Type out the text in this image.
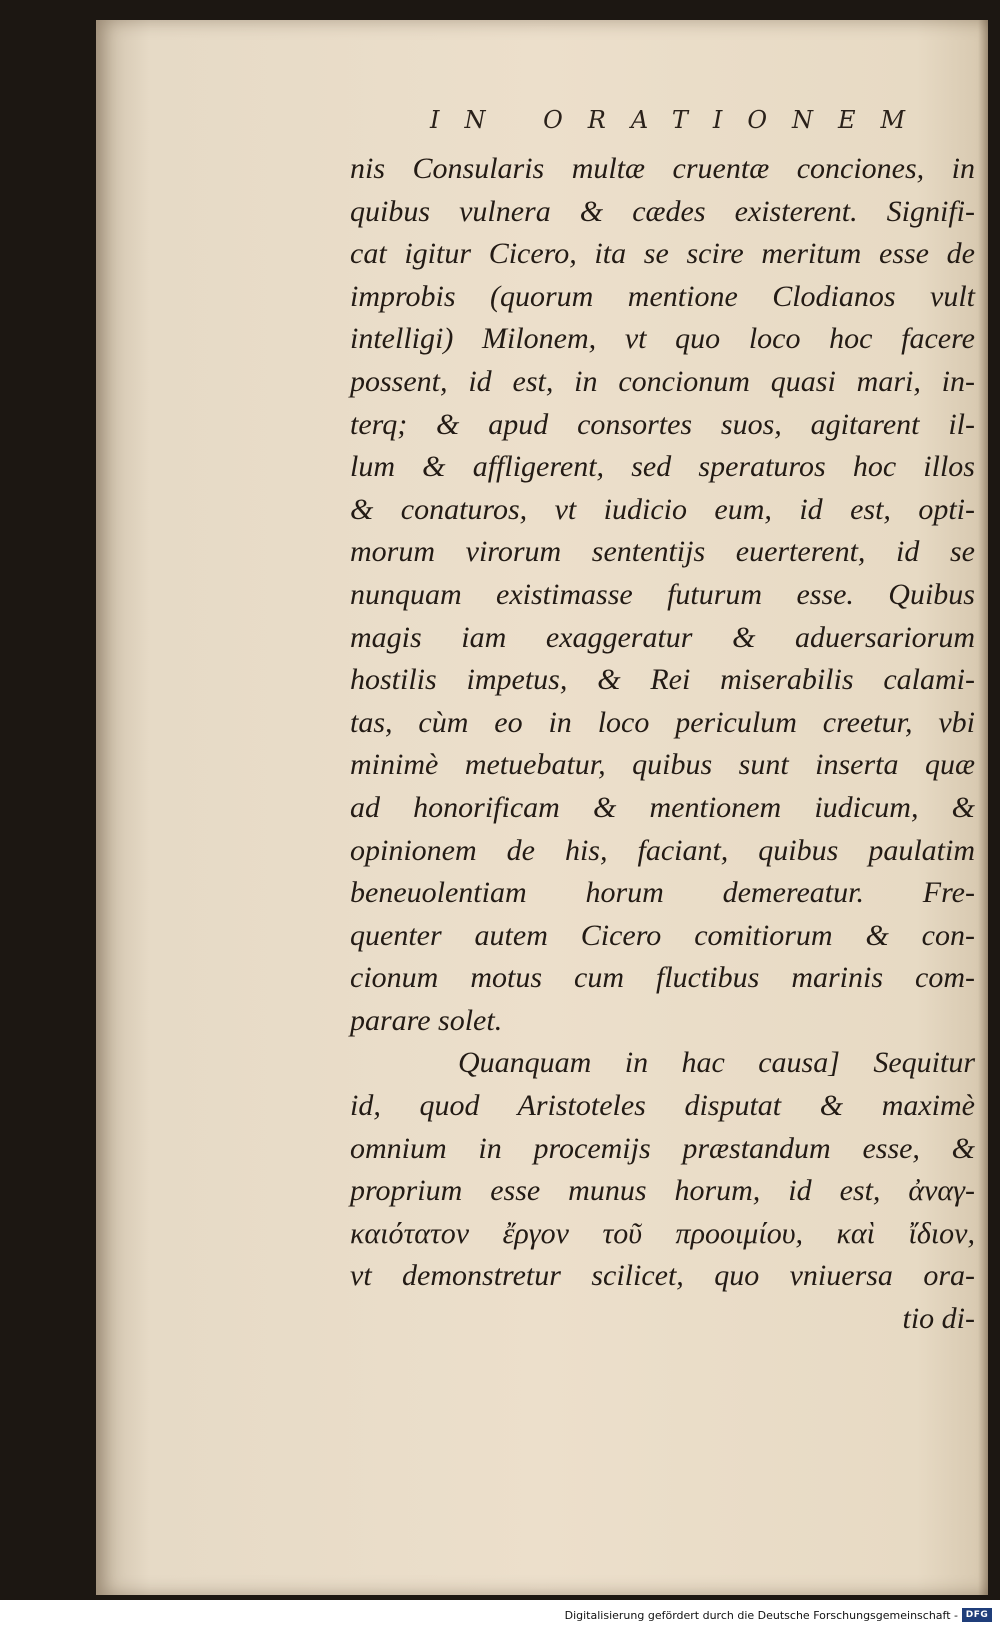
IN ORATIONEM
nis Consularis multæ cruentæ conciones, in
quibus vulnera & cædes existerent. Signifi-
cat igitur Cicero, ita se scire meritum esse de
improbis (quorum mentione Clodianos vult
intelligi) Milonem, vt quo loco hoc facere
possent, id est, in concionum quasi mari, in-
terq; & apud consortes suos, agitarent il-
lum & affligerent, sed speraturos hoc illos
& conaturos, vt iudicio eum, id est, opti-
morum virorum sententijs euerterent, id se
nunquam existimasse futurum esse. Quibus
magis iam exaggeratur & aduersariorum
hostilis impetus, & Rei miserabilis calami-
tas, cùm eo in loco periculum creetur, vbi
minimè metuebatur, quibus sunt inserta quæ
ad honorificam & mentionem iudicum, &
opinionem de his, faciant, quibus paulatim
beneuolentiam horum demereatur. Fre-
quenter autem Cicero comitiorum & con-
cionum motus cum fluctibus marinis com-
parare solet.
Quanquam in hac causa] Sequitur
id, quod Aristoteles disputat & maximè
omnium in procemijs præstandum esse, &
proprium esse munus horum, id est, ἀναγ-
καιότατον ἔργον τοῦ προοιμίου, καὶ ἴδιον,
vt demonstretur scilicet, quo vniuersa ora-
tio di-
Digitalisierung gefördert durch die Deutsche Forschungsgemeinschaft - DFG
